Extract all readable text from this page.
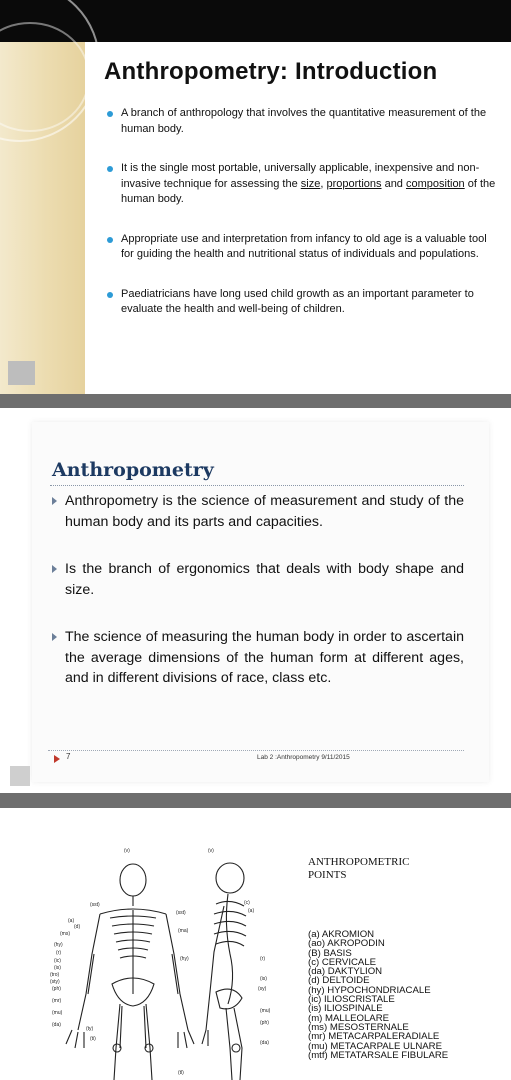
Anthropometry: Introduction
A branch of anthropology that involves the quantitative measurement of the human body.
It is the single most portable, universally applicable, inexpensive and non-invasive technique for assessing the size, proportions and composition of the human body.
Appropriate use and interpretation from infancy to old age is a valuable tool for guiding the health and nutritional status of individuals and populations.
Paediatricians have long used child growth as an important parameter to evaluate the health and well-being of children.
Anthropometry
Anthropometry is the science of measurement and study of the human body and its parts and capacities.
Is the branch of ergonomics that deals with body shape and size.
The science of measuring the human body in order to ascertain the average dimensions of the human form at different ages, and in different divisions of race, class etc.
7	Lab 2 :Anthropometry 9/11/2015
(v)	(v)
(sst)
(sst)
(a)
(d)
(ms)
(hy)
(r)
(ic)
(is)
(tro)
(sty)
(ph)
(mr)
(mu)
(da)
(ty)
(ti)
(c)
(a)
(ma)
(hy)	(r)
(is)
(sy)
(mu)
(ph)
(da)
(tl)
ANTHROPOMETRIC
POINTS
(a) AKROMION
(ao) AKROPODIN
(B) BASIS
(c) CERVICALE
(da) DAKTYLION
(d) DELTOIDE
(hy) HYPOCHONDRIACALE
(ic) ILIOSCRISTALE
(is) ILIOSPINALE
(m) MALLEOLARE
(ms) MESOSTERNALE
(mr) METACARPALERADIALE
(mu) METACARPALE ULNARE
(mtf) METATARSALE FIBULARE
